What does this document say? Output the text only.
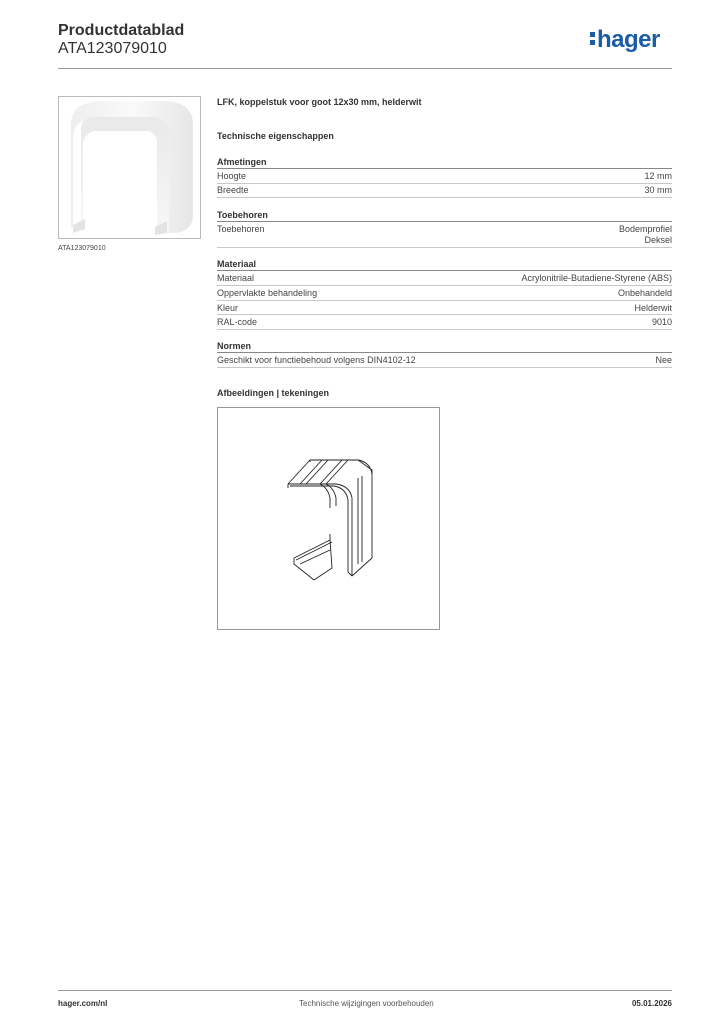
Productdatablad
ATA123079010	hager
ATA123079010
LFK, koppelstuk voor goot 12x30 mm, helderwit
Technische eigenschappen
Afmetingen
Hoogte	12 mm
Breedte	30 mm
Toebehoren
Toebehoren	Bodemprofiel
Deksel
Materiaal
Materiaal	Acrylonitrile-Butadiene-Styrene (ABS)
Oppervlakte behandeling	Onbehandeld
Kleur	Helderwit
RAL-code	9010
Normen
Geschikt voor functiebehoud volgens DIN4102-12	Nee
Afbeeldingen | tekeningen
hager.com/nl	Technische wijzigingen voorbehouden	05.01.2026
